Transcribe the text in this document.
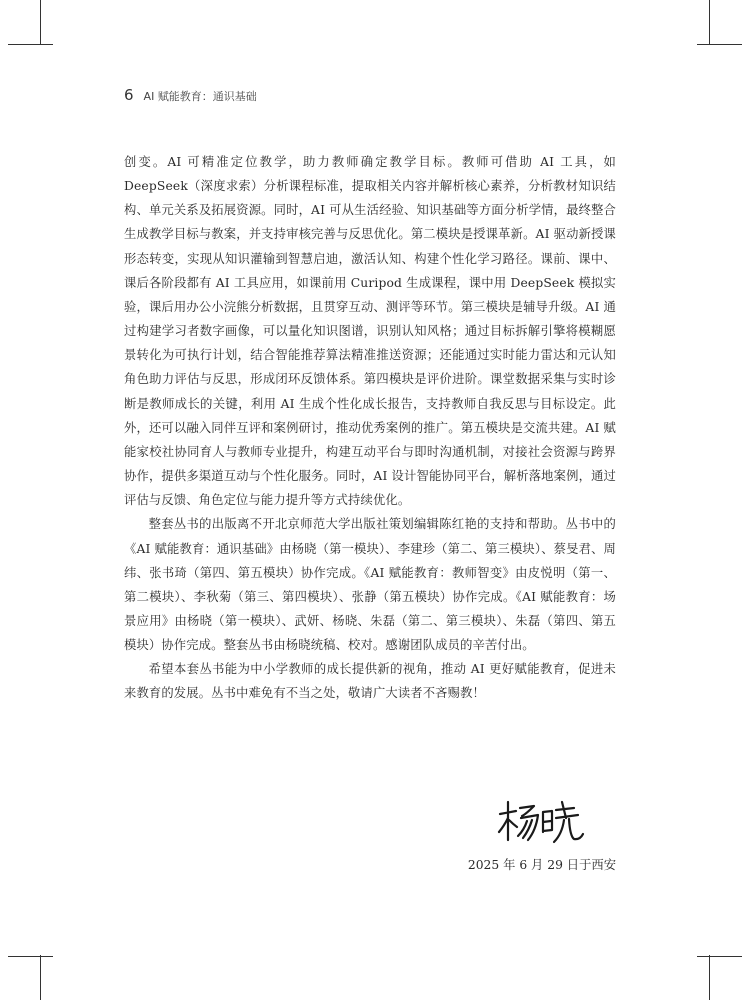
6 AI 赋能教育：通识基础

创变。AI 可精准定位教学，助力教师确定教学目标。教师可借助 AI 工具，如 DeepSeek（深度求索）分析课程标准，提取相关内容并解析核心素养，分析教材知识结构、单元关系及拓展资源。同时，AI 可从生活经验、知识基础等方面分析学情，最终整合生成教学目标与教案，并支持审核完善与反思优化。第二模块是授课革新。AI 驱动新授课形态转变，实现从知识灌输到智慧启迪，激活认知、构建个性化学习路径。课前、课中、课后各阶段都有 AI 工具应用，如课前用 Curipod 生成课程，课中用 DeepSeek 模拟实验，课后用办公小浣熊分析数据，且贯穿互动、测评等环节。第三模块是辅导升级。AI 通过构建学习者数字画像，可以量化知识图谱，识别认知风格；通过目标拆解引擎将模糊愿景转化为可执行计划，结合智能推荐算法精准推送资源；还能通过实时能力雷达和元认知角色助力评估与反思，形成闭环反馈体系。第四模块是评价进阶。课堂数据采集与实时诊断是教师成长的关键，利用 AI 生成个性化成长报告，支持教师自我反思与目标设定。此外，还可以融入同伴互评和案例研讨，推动优秀案例的推广。第五模块是交流共建。AI 赋能家校社协同育人与教师专业提升，构建互动平台与即时沟通机制，对接社会资源与跨界协作，提供多渠道互动与个性化服务。同时，AI 设计智能协同平台，解析落地案例，通过评估与反馈、角色定位与能力提升等方式持续优化。

整套丛书的出版离不开北京师范大学出版社策划编辑陈红艳的支持和帮助。丛书中的《AI 赋能教育：通识基础》由杨晓（第一模块）、李建珍（第二、第三模块）、蔡旻君、周纬、张书琦（第四、第五模块）协作完成。《AI 赋能教育：教师智变》由皮悦明（第一、第二模块）、李秋菊（第三、第四模块）、张静（第五模块）协作完成。《AI 赋能教育：场景应用》由杨晓（第一模块）、武妍、杨晓、朱磊（第二、第三模块）、朱磊（第四、第五模块）协作完成。整套丛书由杨晓统稿、校对。感谢团队成员的辛苦付出。

希望本套丛书能为中小学教师的成长提供新的视角，推动 AI 更好赋能教育，促进未来教育的发展。丛书中难免有不当之处，敬请广大读者不吝赐教！

2025 年 6 月 29 日于西安
